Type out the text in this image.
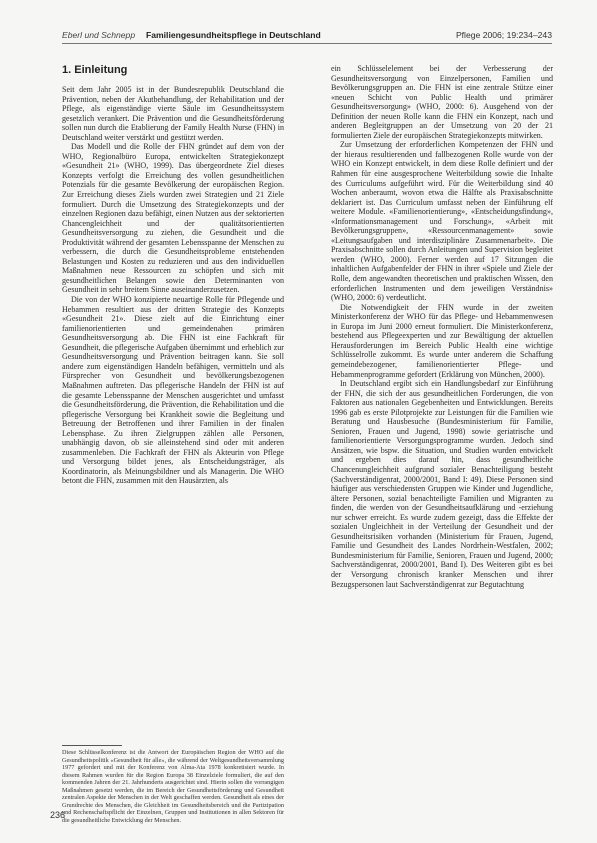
Eberl und Schnepp Familiengesundheitspflege in Deutschland	Pflege 2006; 19:234–243
1. Einleitung

Seit dem Jahr 2005 ist in der Bundesrepublik Deutschland die Prävention, neben der Akutbehandlung, der Rehabilitation und der Pflege, als eigenständige vierte Säule im Gesundheitssystem gesetzlich verankert. Die Prävention und die Gesundheitsförderung sollen nun durch die Etablierung der Family Health Nurse (FHN) in Deutschland weiter verstärkt und gestützt werden.

Das Modell und die Rolle der FHN gründet auf dem von der WHO, Regionalbüro Europa, entwickelten Strategiekonzept «Gesundheit 21» (WHO, 1999). Das übergeordnete Ziel dieses Konzepts verfolgt die Erreichung des vollen gesundheitlichen Potenzials für die gesamte Bevölkerung der europäischen Region. Zur Erreichung dieses Ziels wurden zwei Strategien und 21 Ziele formuliert. Durch die Umsetzung des Strategiekonzepts und der einzelnen Regionen dazu befähigt, einen Nutzen aus der sektorierten Chancengleichheit und der qualitätsorientierten Gesundheitsversorgung zu ziehen, die Gesundheit und die Produktivität während der gesamten Lebensspanne der Menschen zu verbessern, die durch die Gesundheitsprobleme entstehenden Belastungen und Kosten zu reduzieren und aus den individuellen Maßnahmen neue Ressourcen zu schöpfen und sich mit gesundheitlichen Belangen sowie den Determinanten von Gesundheit in sehr breitem Sinne auseinanderzusetzen.

Die von der WHO konzipierte neuartige Rolle für Pflegende und Hebammen resultiert aus der dritten Strategie des Konzepts «Gesundheit 21». Diese zielt auf die Einrichtung einer familienorientierten und gemeindenahen primären Gesundheitsversorgung ab. Die FHN ist eine Fachkraft für Gesundheit, die pflegerische Aufgaben übernimmt und erheblich zur Gesundheitsversorgung und Prävention beitragen kann. Sie soll andere zum eigenständigen Handeln befähigen, vermitteln und als Fürsprecher von Gesundheit und bevölkerungsbezogenen Maßnahmen auftreten. Das pflegerische Handeln der FHN ist auf die gesamte Lebensspanne der Menschen ausgerichtet und umfasst die Gesundheitsförderung, die Prävention, die Rehabilitation und die pflegerische Versorgung bei Krankheit sowie die Begleitung und Betreuung der Betroffenen und ihrer Familien in der finalen Lebensphase. Zu ihren Zielgruppen zählen alle Personen, unabhängig davon, ob sie alleinstehend sind oder mit anderen zusammenleben. Die Fachkraft der FHN als Akteurin von Pflege und Versorgung bildet jenes, als Entscheidungsträger, als Koordinatorin, als Meinungsbildner und als Managerin. Die WHO betont die FHN, zusammen mit den Hausärzten, als

ein Schlüsselelement bei der Verbesserung der Gesundheitsversorgung von Einzelpersonen, Familien und Bevölkerungsgruppen an. Die FHN ist eine zentrale Stütze einer «neuen Schicht von Public Health und primärer Gesundheitsversorgung» (WHO, 2000: 6). Ausgehend von der Definition der neuen Rolle kann die FHN ein Konzept, nach und anderen Begleitgruppen an der Umsetzung von 20 der 21 formulierten Ziele der europäischen Strategiekonzepts mitwirken.

Zur Umsetzung der erforderlichen Kompetenzen der FHN und der hieraus resultierenden und fallbezogenen Rolle wurde von der WHO ein Konzept entwickelt, in dem diese Rolle definiert und der Rahmen für eine ausgesprochene Weiterbildung sowie die Inhalte des Curriculums aufgeführt wird. Für die Weiterbildung sind 40 Wochen anberaumt, wovon etwa die Hälfte als Praxisabschnitte deklariert ist. Das Curriculum umfasst neben der Einführung elf weitere Module. «Familienorientierung», «Entscheidungsfindung», «Informationsmanagement und Forschung», «Arbeit mit Bevölkerungsgruppen», «Ressourcenmanagement» sowie «Leitungsaufgaben und interdisziplinäre Zusammenarbeit». Die Praxisabschnitte sollen durch Anleitungen und Supervision begleitet werden (WHO, 2000). Ferner werden auf 17 Sitzungen die inhaltlichen Aufgabenfelder der FHN in ihrer «Spiele und Ziele der Rolle, dem angewandten theoretischen und praktischen Wissen, den erforderlichen Instrumenten und dem jeweiligen Verständnis» (WHO, 2000: 6) verdeutlicht.

Die Notwendigkeit der FHN wurde in der zweiten Ministerkonferenz der WHO für das Pflege- und Hebammenwesen in Europa im Juni 2000 erneut formuliert. Die Ministerkonferenz, bestehend aus Pflegeexperten und zur Bewältigung der aktuellen Herausforderungen im Bereich Public Health eine wichtige Schlüsselrolle zukommt. Es wurde unter anderem die Schaffung gemeindebezogener, familienorientierter Pflege- und Hebammenprogramme gefordert (Erklärung von München, 2000).

In Deutschland ergibt sich ein Handlungsbedarf zur Einführung der FHN, die sich der aus gesundheitlichen Forderungen, die von Faktoren aus nationalen Gegebenheiten und Entwicklungen. Bereits 1996 gab es erste Pilotprojekte zur Leistungen für die Familien wie Beratung und Hausbesuche (Bundesministerium für Familie, Senioren, Frauen und Jugend, 1998) sowie geriatrische und familienorientierte Versorgungsprogramme wurden. Jedoch sind Ansätzen, wie bspw. die Situation, und Studien wurden entwickelt und ergeben dies darauf hin, dass gesundheitliche Chancenungleichheit aufgrund sozialer Benachteiligung besteht (Sachverständigenrat, 2000/2001, Band I: 49). Diese Personen sind häufiger aus verschiedensten Gruppen wie Kinder und Jugendliche, ältere Personen, sozial benachteiligte Familien und Migranten zu finden, die werden von der Gesundheitsaufklärung und -erziehung nur schwer erreicht. Es wurde zudem gezeigt, dass die Effekte der sozialen Ungleichheit in der Verteilung der Gesundheit und der Gesundheitsrisiken vorhanden (Ministerium für Frauen, Jugend, Familie und Gesundheit des Landes Nordrhein-Westfalen, 2002; Bundesministerium für Familie, Senioren, Frauen und Jugend, 2000; Sachverständigenrat, 2000/2001, Band I). Des Weiteren gibt es bei der Versorgung chronisch kranker Menschen und ihrer Bezugspersonen laut Sachverständigenrat zur Begutachtung

Diese Schlüsselkonferenz ist die Antwort der Europäischen Region der WHO auf die Gesundheitspolitik «Gesundheit für alle», die während der Weltgesundheitsversammlung 1977 gefordert und mit der Konferenz von Alma-Ata 1978 konkretisiert wurde. In diesem Rahmen wurden für die Region Europa 38 Einzelziele formuliert, die auf den kommenden Jahren der 21. Jahrhunderts ausgerichtet sind. Hierin sollen die vorrangigen Maßnahmen gesetzt werden, die im Bereich der Gesundheitsförderung und Gesundheit zentralen Aspekte der Menschen in der Welt geschaffen werden. Gesundheit als eines der Grundrechte des Menschen, die Gleichheit im Gesundheitsbereich und die Partizipation und Rechenschaftspflicht der Einzelnen, Gruppen und Institutionen in allen Sektoren für die gesundheitliche Entwicklung der Menschen.
236
